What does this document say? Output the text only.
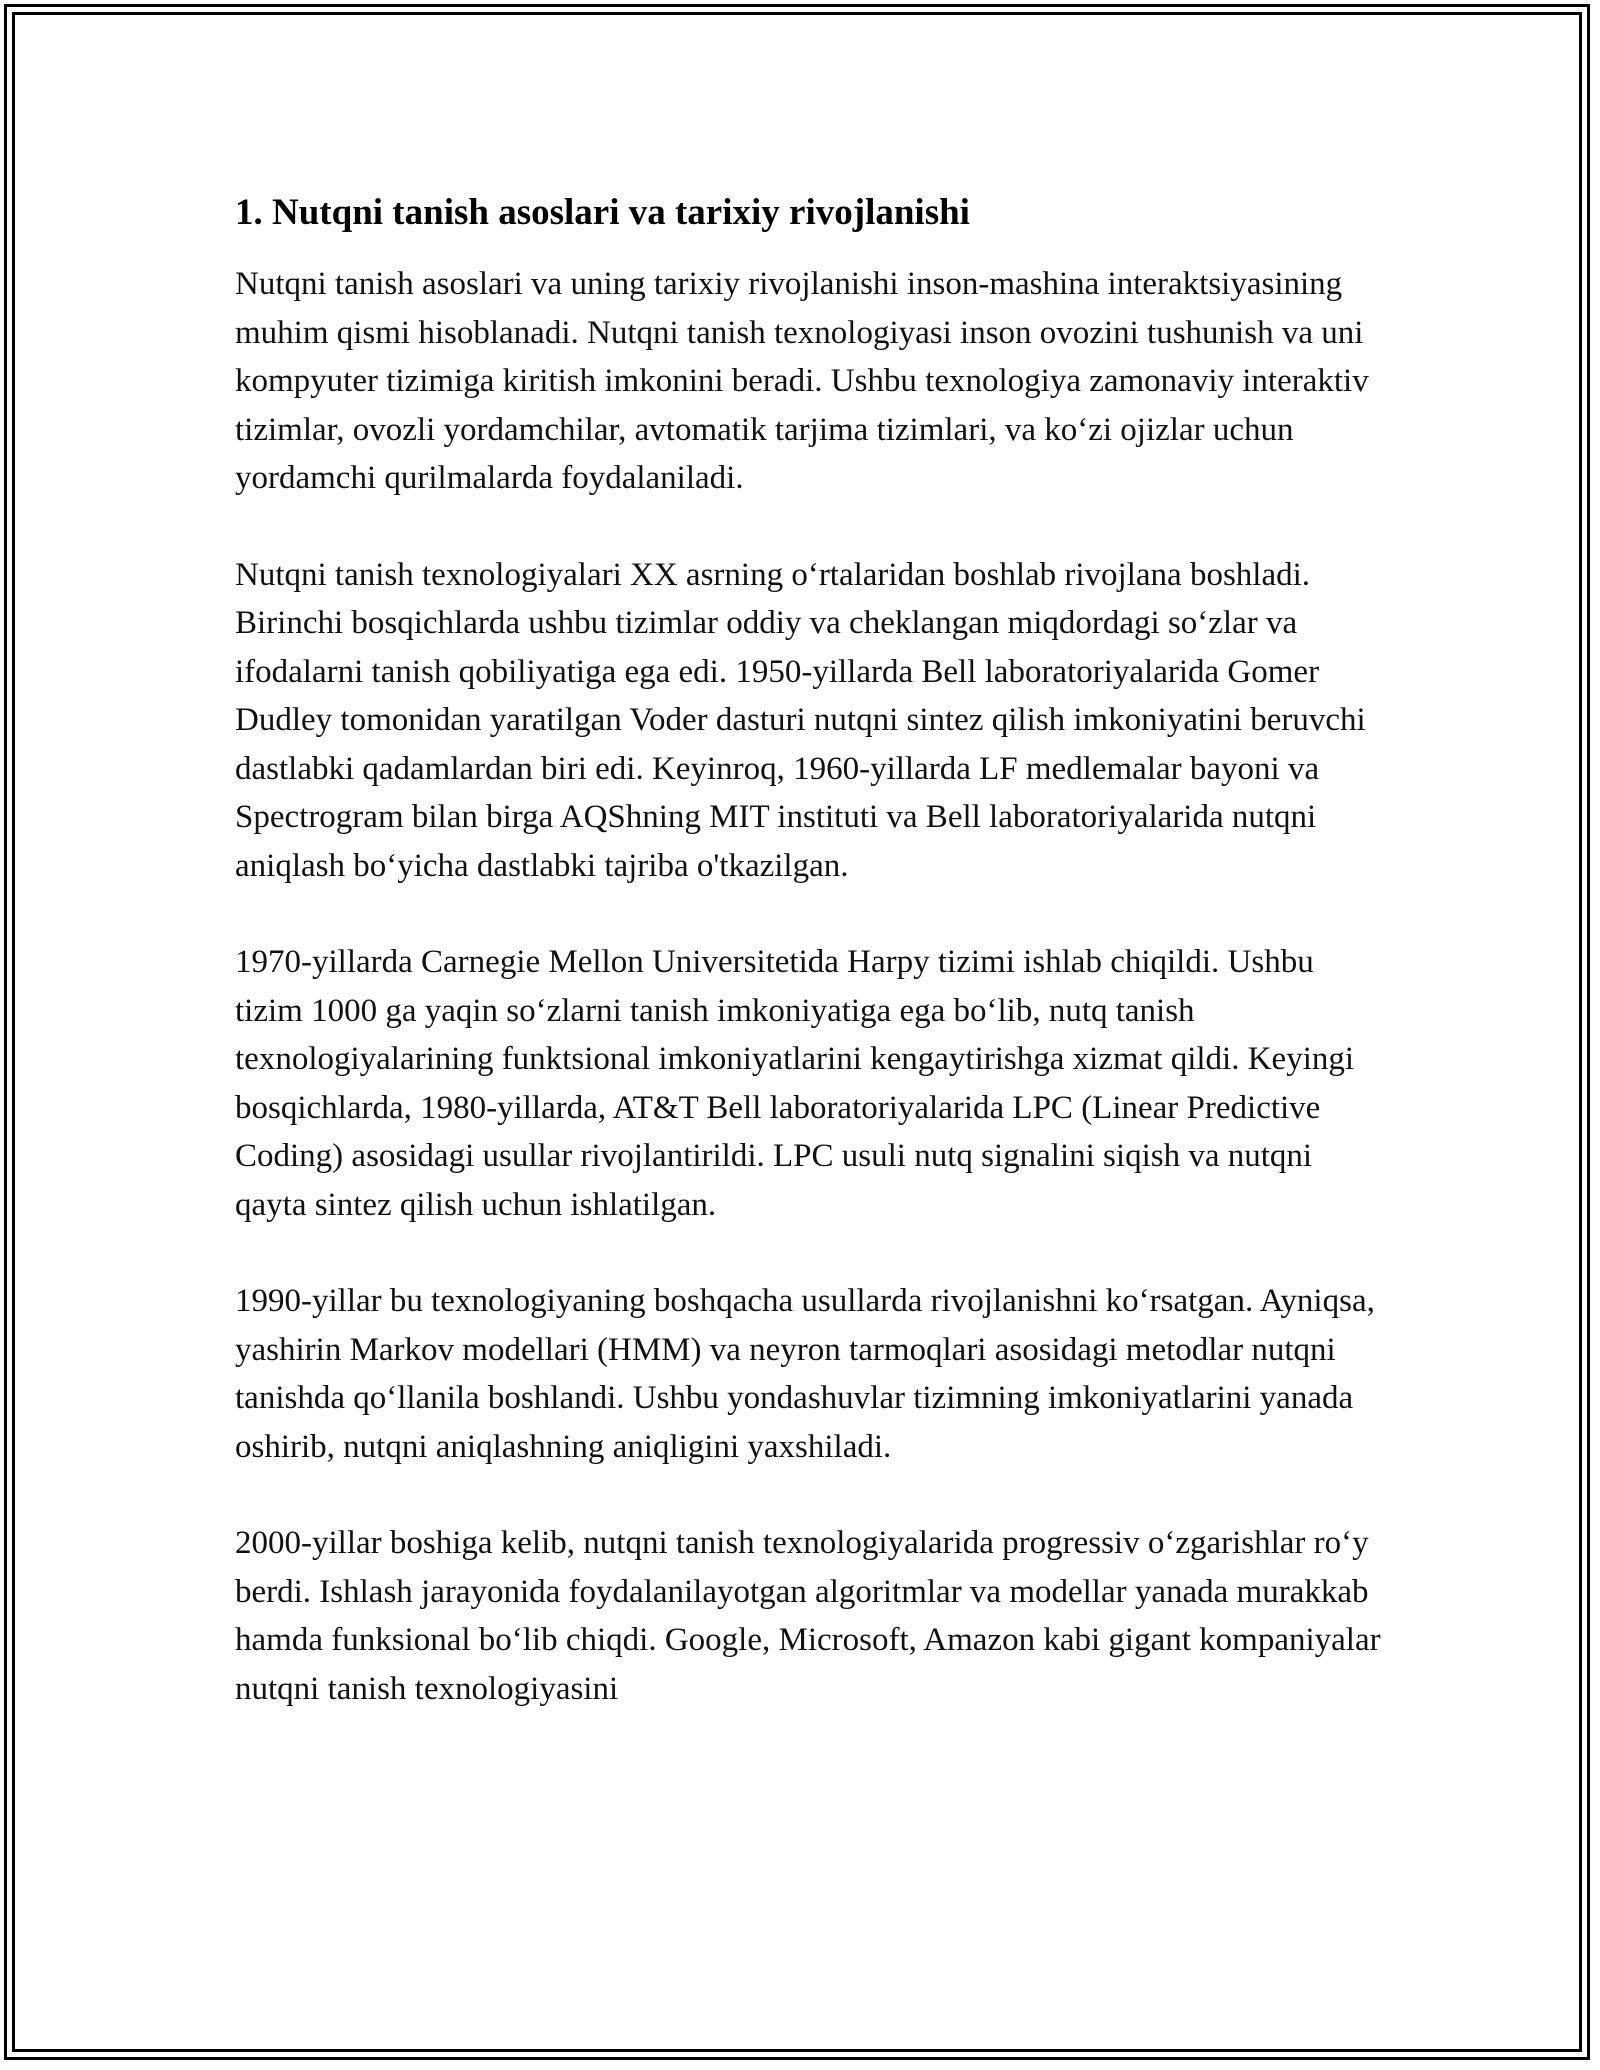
1. Nutqni tanish asoslari va tarixiy rivojlanishi

Nutqni tanish asoslari va uning tarixiy rivojlanishi inson-mashina interaktsiyasining muhim qismi hisoblanadi. Nutqni tanish texnologiyasi inson ovozini tushunish va uni kompyuter tizimiga kiritish imkonini beradi. Ushbu texnologiya zamonaviy interaktiv tizimlar, ovozli yordamchilar, avtomatik tarjima tizimlari, va koʻzi ojizlar uchun yordamchi qurilmalarda foydalaniladi.

Nutqni tanish texnologiyalari XX asrning oʻrtalaridan boshlab rivojlana boshladi. Birinchi bosqichlarda ushbu tizimlar oddiy va cheklangan miqdordagi soʻzlar va ifodalarni tanish qobiliyatiga ega edi. 1950-yillarda Bell laboratoriyalarida Gomer Dudley tomonidan yaratilgan Voder dasturi nutqni sintez qilish imkoniyatini beruvchi dastlabki qadamlardan biri edi. Keyinroq, 1960-yillarda LF medlemalar bayoni va Spectrogram bilan birga AQShning MIT instituti va Bell laboratoriyalarida nutqni aniqlash boʻyicha dastlabki tajriba o'tkazilgan.

1970-yillarda Carnegie Mellon Universitetida Harpy tizimi ishlab chiqildi. Ushbu tizim 1000 ga yaqin soʻzlarni tanish imkoniyatiga ega boʻlib, nutq tanish texnologiyalarining funktsional imkoniyatlarini kengaytirishga xizmat qildi. Keyingi bosqichlarda, 1980-yillarda, AT&T Bell laboratoriyalarida LPC (Linear Predictive Coding) asosidagi usullar rivojlantirildi. LPC usuli nutq signalini siqish va nutqni qayta sintez qilish uchun ishlatilgan.

1990-yillar bu texnologiyaning boshqacha usullarda rivojlanishni koʻrsatgan. Ayniqsa, yashirin Markov modellari (HMM) va neyron tarmoqlari asosidagi metodlar nutqni tanishda qoʻllanila boshlandi. Ushbu yondashuvlar tizimning imkoniyatlarini yanada oshirib, nutqni aniqlashning aniqligini yaxshiladi.

2000-yillar boshiga kelib, nutqni tanish texnologiyalarida progressiv oʻzgarishlar roʻy berdi. Ishlash jarayonida foydalanilayotgan algoritmlar va modellar yanada murakkab hamda funksional boʻlib chiqdi. Google, Microsoft, Amazon kabi gigant kompaniyalar nutqni tanish texnologiyasini
